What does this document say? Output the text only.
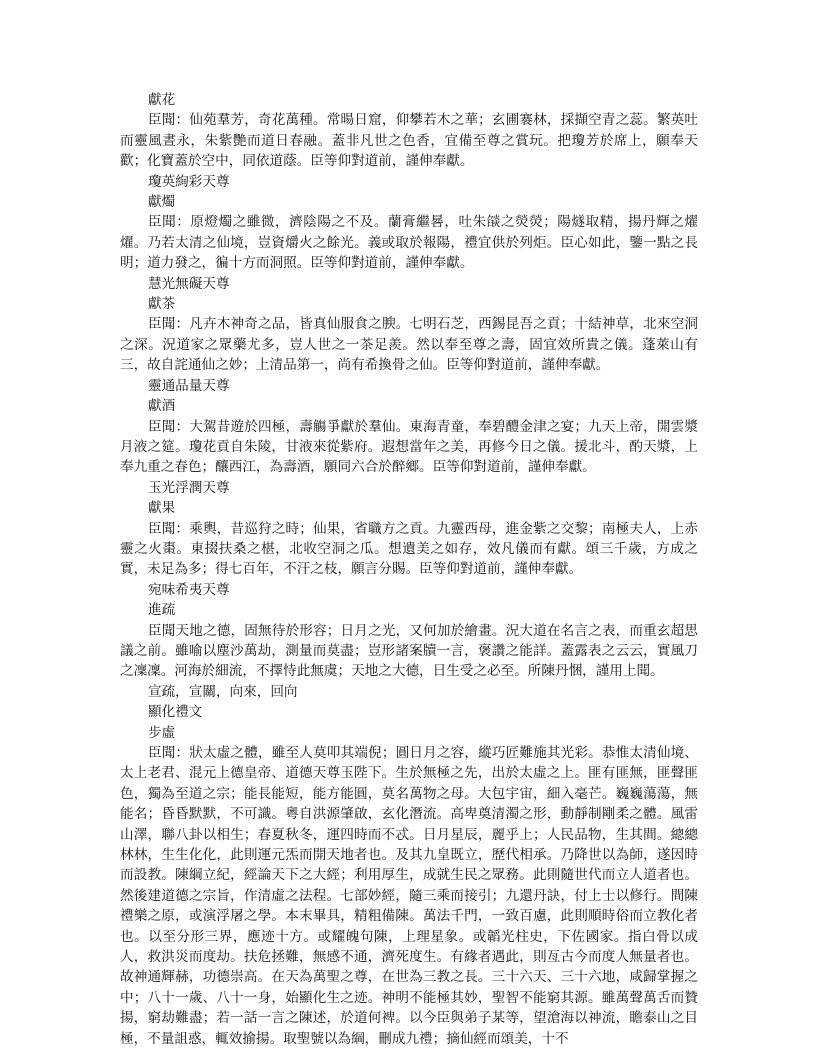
獻花

臣聞：仙苑羣芳，奇花萬種。常暘日窟，仰攀若木之華；玄圃褰林，採擷空青之蕊。繁英吐而靈風晝永，朱紫艷而道日春融。蓋非凡世之色香，宜備至尊之賞玩。把瓊芳於席上，願奉天歡；化寶蓋於空中，同依道蔭。臣等仰對道前，謹伸奉獻。

瓊英絢彩天尊

獻燭

臣聞：原燈燭之雖微，濟陰陽之不及。蘭膏繼晷，吐朱燄之熒熒；陽燧取精，揚丹輝之燿燿。乃若太清之仙境，豈資爝火之餘光。義或取於報陽，禮宜供於列炬。臣心如此，鑒一點之長明；道力發之，徧十方而洞照。臣等仰對道前，謹伸奉獻。

慧光無礙天尊

獻茶

臣聞：凡卉木神奇之品，皆真仙服食之腴。七明石芝，西錫昆吾之貢；十結神草，北來空洞之深。況道家之眾藥尤多，豈人世之一茶足羨。然以奉至尊之壽，固宜效所貴之儀。蓬萊山有三，故自詫通仙之妙；上清品第一，尚有希換骨之仙。臣等仰對道前，謹伸奉獻。

靈通品量天尊

獻酒

臣聞：大駕昔遊於四極，壽觴爭獻於羣仙。東海青童，奉碧醴金津之宴；九天上帝，開雲漿月液之筵。瓊花貢自朱陵，甘液來從紫府。遐想當年之美，再修今日之儀。援北斗，酌天漿，上奉九重之春色；釀西江，為壽酒，願同六合於醉鄉。臣等仰對道前，謹伸奉獻。

玉光浮潤天尊

獻果

臣聞：乘輿，昔巡狩之時；仙果，省職方之貢。九靈西母，進金紫之交黎；南極夫人，上赤靈之火棗。東掇扶桑之椹，北收空洞之瓜。想遺美之如存，效凡儀而有獻。頌三千歲，方成之實，未足為多；得七百年，不汗之枝，願言分賜。臣等仰對道前，謹伸奉獻。

宛味希夷天尊

進疏

臣聞天地之德，固無待於形容；日月之光，又何加於繪畫。況大道在名言之表，而重玄超思議之前。雖喻以塵沙萬劫，測量而莫盡；豈形諸案牘一言，褒讚之能詳。蓋露表之云云，實風刀之凜凜。河海於細流，不擇恃此無虞；天地之大德，日生受之必至。所陳丹悃，謹用上聞。

宣疏，宣關，向來，回向

顯化禮文

步虛

臣聞：狀太虛之體，雖至人莫叩其端倪；圓日月之容，縱巧匠難施其光彩。恭惟太清仙境、太上老君、混元上德皇帝、道德天尊玉陛下。生於無極之先，出於太虛之上。匪有匪無，匪聲匪色，獨為至道之宗；能長能短，能方能圓，莫名萬物之母。大包宇宙，細入毫芒。巍巍蕩蕩，無能名；昏昏默默，不可識。粵自洪源肇啟，玄化潛流。高卑奠清濁之形，動靜制剛柔之體。風雷山澤，聯八卦以相生；春夏秋冬，運四時而不忒。日月星辰，麗乎上；人民品物，生其間。總總林林，生生化化，此則運元炁而開天地者也。及其九皇既立，歷代相承。乃降世以為師，遂因時而設教。陳綱立紀，經論天下之大經；利用厚生，成就生民之眾務。此則隨世代而立人道者也。然後建道德之宗旨，作清虛之法程。七部妙經，隨三乘而接引；九還丹訣，付上士以修行。間陳禮樂之原，或演浮屠之學。本末畢具，精粗備陳。萬法千門，一致百慮，此則順時俗而立教化者也。以至分形三界，應迹十方。或耀魄句陳，上理星象。或韜光柱史，下佐國家。指白骨以成人，救洪災而度劫。扶危拯難，無感不通，濟死度生。有緣者遇此，則亙古今而度人無量者也。故神通輝赫，功德崇高。在天為萬聖之尊，在世為三教之長。三十六天、三十六地，咸歸掌握之中；八十一歲、八十一身，始顯化生之迹。神明不能極其妙，聖智不能窮其源。雖萬聲萬舌而贊揚，窮劫難盡；若一話一言之陳述，於道何裨。以今臣與弟子某等，望滄海以神流，瞻泰山之目極，不量詛惑，輒效揄揚。取聖號以為綱，刪成九禮；摘仙經而頌美，十不
